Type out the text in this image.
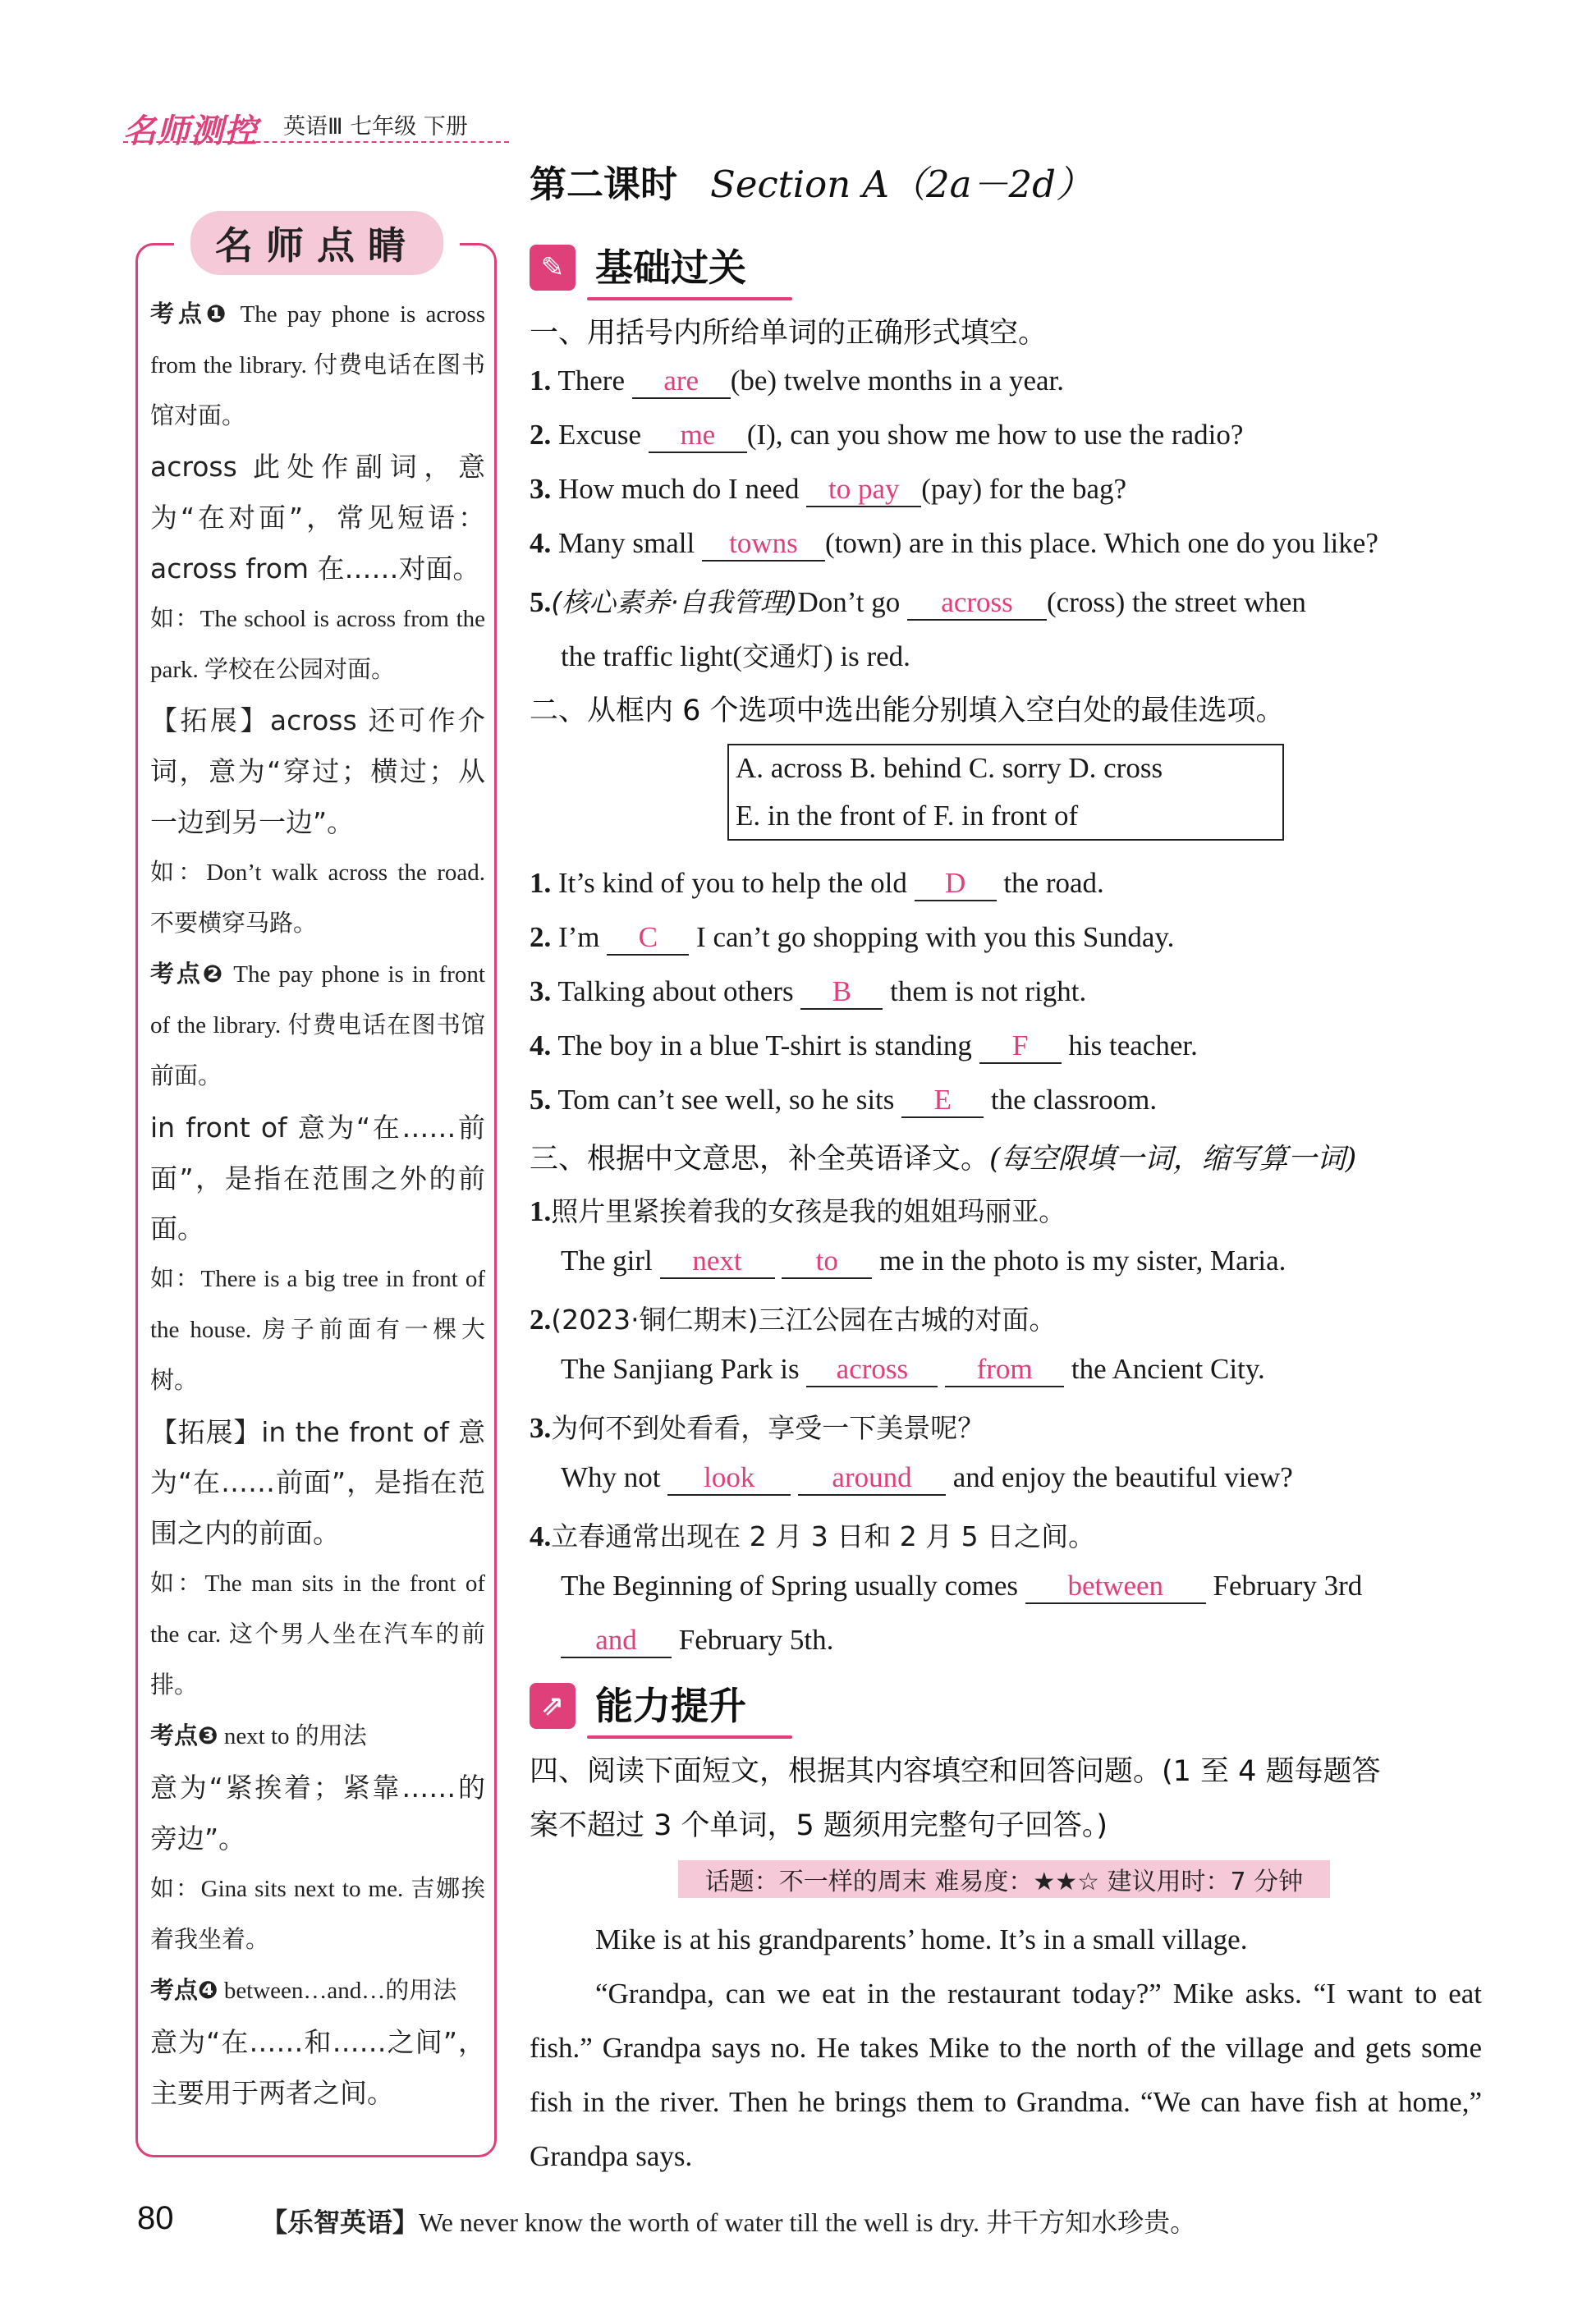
名师测控 英语Ⅲ 七年级 下册
第二课时 Section A（2a－2d）
名师点睛

考点❶ The pay phone is across from the library. 付费电话在图书馆对面。

across 此处作副词，意为“在对面”，常见短语：across from 在……对面。

如：The school is across from the park. 学校在公园对面。

【拓展】across 还可作介词，意为“穿过；横过；从一边到另一边”。

如：Don’t walk across the road. 不要横穿马路。

考点❷ The pay phone is in front of the library. 付费电话在图书馆前面。

in front of 意为“在……前面”，是指在范围之外的前面。

如：There is a big tree in front of the house. 房子前面有一棵大树。

【拓展】in the front of 意为“在……前面”，是指在范围之内的前面。

如：The man sits in the front of the car. 这个男人坐在汽车的前排。

考点❸ next to 的用法

意为“紧挨着；紧靠……的旁边”。

如：Gina sits next to me. 吉娜挨着我坐着。

考点❹ between…and…的用法

意为“在……和……之间”，主要用于两者之间。

✎ 基础过关
一、用括号内所给单词的正确形式填空。
1. There are (be) twelve months in a year.
2. Excuse me (I), can you show me how to use the radio?
3. How much do I need to pay (pay) for the bag?
4. Many small towns (town) are in this place. Which one do you like?
5.(核心素养·自我管理)Don’t go across (cross) the street when
the traffic light(交通灯) is red.
二、从框内 6 个选项中选出能分别填入空白处的最佳选项。
A. across B. behind C. sorry D. cross
E. in the front of F. in front of
1. It’s kind of you to help the old D the road.
2. I’m C I can’t go shopping with you this Sunday.
3. Talking about others B them is not right.
4. The boy in a blue T-shirt is standing F his teacher.
5. Tom can’t see well, so he sits E the classroom.
三、根据中文意思，补全英语译文。(每空限填一词，缩写算一词)
1.照片里紧挨着我的女孩是我的姐姐玛丽亚。
The girl next	to me in the photo is my sister, Maria.
2.(2023·铜仁期末)三江公园在古城的对面。
The Sanjiang Park is across from the Ancient City.
3.为何不到处看看，享受一下美景呢？
Why not look	around and enjoy the beautiful view?
4.立春通常出现在 2 月 3 日和 2 月 5 日之间。
The Beginning of Spring usually comes between February 3rd
and February 5th.
⇗ 能力提升
四、阅读下面短文，根据其内容填空和回答问题。(1 至 4 题每题答
案不超过 3 个单词，5 题须用完整句子回答。)
话题：不一样的周末 难易度：★★☆ 建议用时：7 分钟

Mike is at his grandparents’ home. It’s in a small village.

“Grandpa, can we eat in the restaurant today?” Mike asks. “I want to eat fish.” Grandpa says no. He takes Mike to the north of the village and gets some fish in the river. Then he brings them to Grandma. “We can have fish at home,” Grandpa says.

80	【乐智英语】We never know the worth of water till the well is dry. 井干方知水珍贵。
